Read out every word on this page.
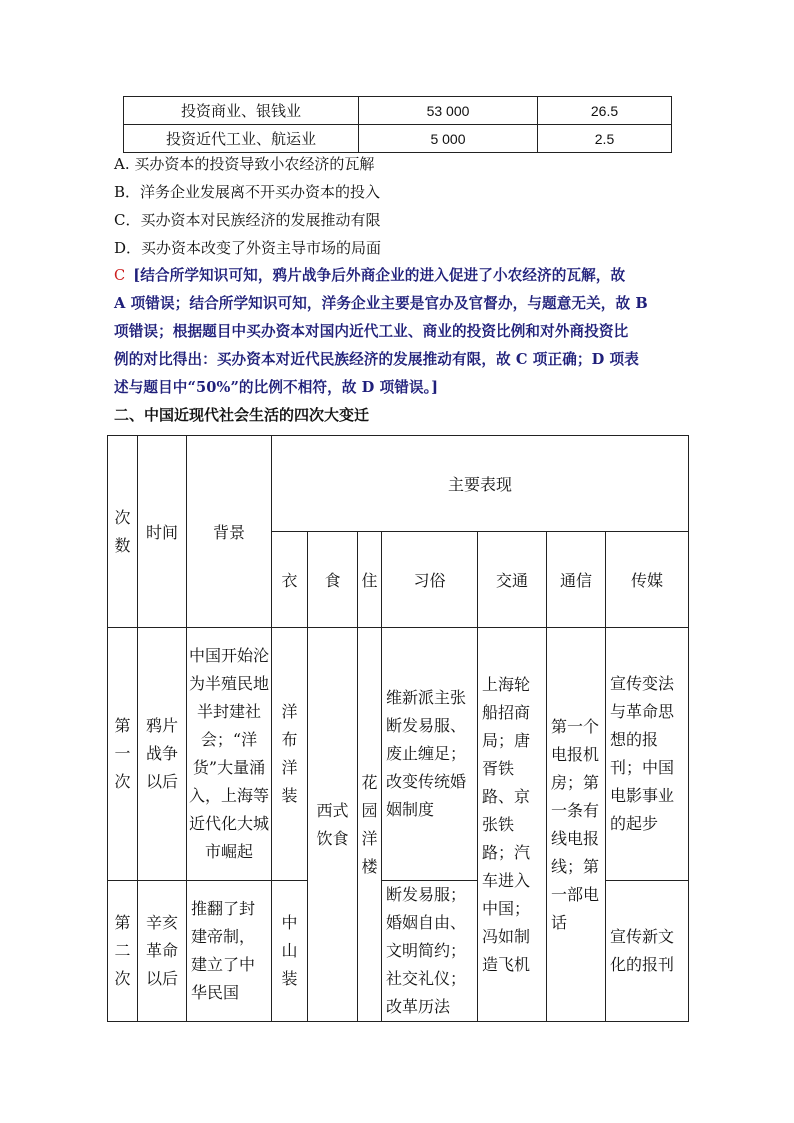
投资商业、银钱业	53 000	26.5
投资近代工业、航运业	5 000	2.5
A. 买办资本的投资导致小农经济的瓦解
B．洋务企业发展离不开买办资本的投入
C．买办资本对民族经济的发展推动有限
D．买办资本改变了外资主导市场的局面
C [结合所学知识可知，鸦片战争后外商企业的进入促进了小农经济的瓦解，故
A 项错误；结合所学知识可知，洋务企业主要是官办及官督办，与题意无关，故 B
项错误；根据题目中买办资本对国内近代工业、商业的投资比例和对外商投资比
例的对比得出：买办资本对近代民族经济的发展推动有限，故 C 项正确；D 项表
述与题目中“50%”的比例不相符，故 D 项错误。]
二、中国近现代社会生活的四次大变迁
次数	时间	背景	主要表现						
			衣	食	住	习俗	交通	通信	传媒
第一次	鸦片战争以后	中国开始沦为半殖民地半封建社会；“洋货”大量涌入，上海等近代化大城市崛起	洋布洋装	西式饮食	花园洋楼	维新派主张断发易服、废止缠足；改变传统婚姻制度	上海轮船招商局；唐胥铁路、京张铁路；汽车进入中国；冯如制造飞机	第一个电报机房；第一条有线电报线；第一部电话	宣传变法与革命思想的报刊；中国电影事业的起步
第二次	辛亥革命以后	推翻了封建帝制，建立了中华民国	中山装			断发易服；婚姻自由、文明简约；社交礼仪；改革历法			宣传新文化的报刊
